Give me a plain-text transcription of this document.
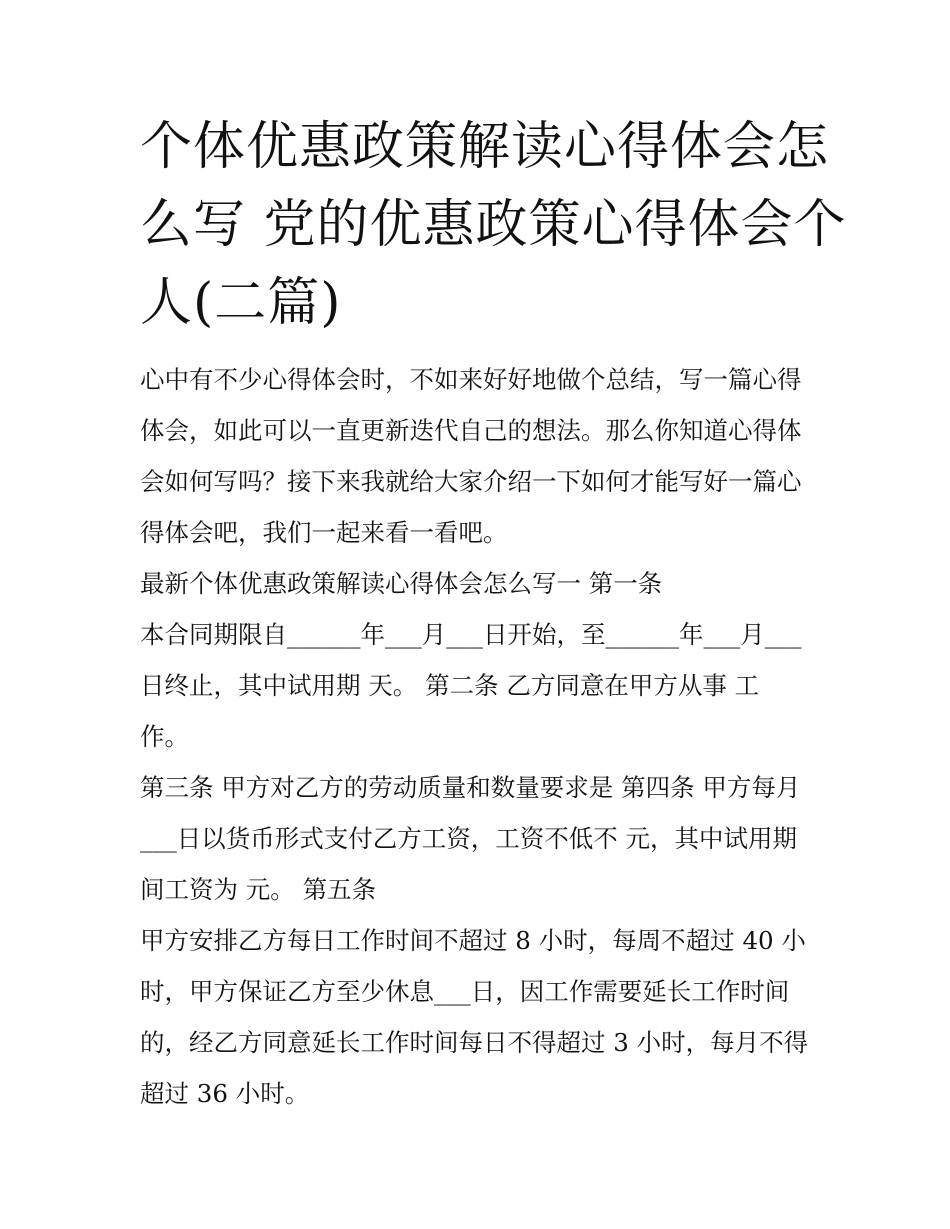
个体优惠政策解读心得体会怎
么写 党的优惠政策心得体会个
人(二篇)
心中有不少心得体会时，不如来好好地做个总结，写一篇心得
体会，如此可以一直更新迭代自己的想法。那么你知道心得体
会如何写吗？接下来我就给大家介绍一下如何才能写好一篇心
得体会吧，我们一起来看一看吧。
最新个体优惠政策解读心得体会怎么写一 第一条
本合同期限自______年___月___日开始，至______年___月___
日终止，其中试用期 天。 第二条 乙方同意在甲方从事 工
作。
第三条 甲方对乙方的劳动质量和数量要求是 第四条 甲方每月
___日以货币形式支付乙方工资，工资不低不 元，其中试用期
间工资为 元。 第五条
甲方安排乙方每日工作时间不超过 8 小时，每周不超过 40 小
时，甲方保证乙方至少休息___日，因工作需要延长工作时间
的，经乙方同意延长工作时间每日不得超过 3 小时，每月不得
超过 36 小时。
